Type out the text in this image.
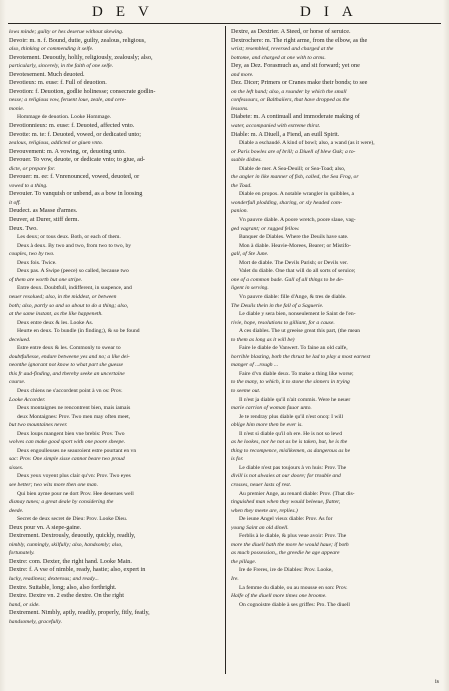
DEV	DIA
lows minde; guilty or hes deserue without skewing.
Devoir: m. n. f. Bound, dutie, guilty, zealous, religious,
also, thinking or commending it selfe.
Devotement. Deuoutly, holily, religiously, zealously; also,
particularly, sincerely, in the faith of one selfe.
Devotesement. Much deuoted.
Devotieux: m. euse: f. Full of deuotion.
Devotion: f. Deuotion, godlie holinesse; consecrate godlin-
nesse; a religious vow, feruent loue, zeale, and cere-
monie.
Hommage de deuotion. Looke Hommage.
Devotionnieux: m. euse: f. Deuoted, affected vnto.
Devotte: m. te: f. Deuoted, vowed, or dedicated unto;
zealous, religious, addicted or giuen vnto.
Devouvement: m. A vowing, or, deuoting unto.
Devouer. To vow, deuote, or dedicate vnto; to giue, ad-
dicte, or prepare for.
Devouer: m. ee: f. Vnrenounced, vowed, deuoted, or
vowed to a thing.
Devouier. To vanquish or unbend, as a bow in loosing
it off.
Deudect. as Masse d'armes.
Deuver, at Durer, stiff derm.
Deux. Two.
Les deux; or tous deux. Both, or each of them.
Deux à deux. By two and two, from two to two, by
couples, two by two.
Deux fois. Twice.
Deux pas. A Swipe (peece) so called, because two
of them are worth but one stripe.
Entre deux. Doubtfull, indifferent, in suspence, and
neuer resolued; also, in the middest, or between
both; also, partly so and so about to do a thing; also,
at the same instant, as the like happeneth.
Deux entre deux & les. Looke As.
Heurte en deux. To bundle (in finding;), & so be found
deceiued.
Estre entre deux & les. Commonly to swear to
doubtfullesse, endure betweene yes and no; a like dei-
neonthe ignorant not know to what part she guesse
this fr aud-finding, and thereby seeke an uncertaine
course.
Deux chiens ne s'accordent point à vn os: Prov.
Looke Accorder.
Deux montaignes ne rencontrent bien, mais iamais
deux Montaignes: Prov. Two men may often meet,
but two mountaines never.
Deux loups mangent bien vne brebis: Prov. Two
wolves can make good sport with one poore sheepe.
Deux engoulleuses ne seauroient estre pourtant en vn
sac: Prov. One simple sisse cannot beare two proud
sisses.
Deux yeux voyent plus clair qu'vn: Prov. Two eyes
see better; two wits more then one man.
Qui bien ayme pour ne dort Prov. Hee deserues well
dismay tunes; a great deale by considering the
deede.
Secret de deux secret de Dieu: Prov. Looke Dieu.
Deux pour vn. A siepe-gaine.
Dextrement. Dextrously, deuoutly, quickly, readily,
nimbly, cunningly, skilfully; also, handsomly; also,
fortunately.
Dextre: com. Dexter, the right hand. Looke Main.
Dextre: f. A vse of nimble, ready, hastie; also, expert in
lucky, readiness; dexterous; and ready...
Dextre. Suitable, long; also, also forthright.
Dextre. Dextre vn. 2 esthe dextre. On the right
hand, or side.
Dextrement. Nimbly, aptly, readily, properly, fitly, featly,
handsomely, gracefully.
Dextre, as Dextrier. A Steed, or horse of seruice.
Dextrochere: m. The right arme, from the elbow, as the
wrist; resembled, reversed and charged at the
bottome, and charged at one with to arms.
Dey, as Dez. Forasmuch as, and sit forward; yet one
and more.
Dez. Dicer; Primers or Cranes make their bonds; to see
on the left hand; also, a rounder by which the small
confessours, or Balthaiiers, that have dropped as the
lessons.
Diabete: m. A continuall and immoderate making of
water, accompanied with extreme thirst.
Diable: m. A Diuell, a Fiend, an euill Spirit.
Diable a eschaudé. A kind of bowl; also, a wand (as it were),
or Paris bowles are of brill; a Diuell of blew Oak; a to-
ssable dishes.
Diable de mer. A Sea-Deuill; or Sea-Toad; also,
the angler in like manner of fish, called, the Sea Frog, or
the Toad.
Diable en propos. A notable wrangler in quibbles, a
wonderfull plodding, sharing, or sly headed com-
panion.
Vn pauvre diable. A poore wretch, poore slaue, vag-
ged vagrant; or ragged fellow.
Banquer de Diables. Where the Deuils have sate.
Mon à diable. Heavie-Morees, Bearer; or Mistifo-
gall, of Ste June.
Mort de diable. The Devils Parish; or Devils ver.
Valet du diable. One that will do all sorts of seruice;
one of a common bade. Gall of all things to be de-
ligent in serving.
Vn pauvre diable: fille d'Ange, & tres de diable.
The Deuils thein in the fall of a Saguerie.
Le diable y sera bien, nonseulement le Saint de l'en-
rivie, hope, resolutions to gilliant, for a cause.
A ces diables. The ut greeise great this part, (the mean
to them as long as it will be)
Faire le diable de Vanwert. To faine an old calfe,
horrible blasting, both the thrust he lad to play a most earnest
manger of ...rough ...
Faire d'vn diable deux. To make a thing like worse;
to the many, to which, it to stone the sinners in trying
to seeme out.
Il n'est ja diable qu'il n'ait commis. Were he neuer
marie carrion of woman fauor unto.
Je te rendray plus diable qu'il n'est oncq: I will
oblige him more then he ever is.
Il n'est si diable qu'il oh ere. He is not so lewd
as he lookes, nor he not as he is taken, but, he is the
thing to recompence, mislikemen, as dangerous as he
is for.
Le diable n'est pas toujours à vn huis: Prov. The
divill is not alwaies at our doore; for trouble and
crosses, neuer lasts of rest.
Au premier Ange, au renard diable: Prov. (That dis-
tinguished man when they would beleeue, flatter,
when they meete are, replies.)
De ieune Angel vieux diable: Prov. As for
young Saint an old dinell.
Ferblis à le diable, & plus veue avoir: Prov. The
more the diuell hath the more he would haue; if both
as much possession,, the greedie he age appeare
the pillage.
Ire de Freres, ire de Diables: Prov. Looke,
Ire.
La femme du diable, ou au mousse en son: Prov.
Halfe of the diuell more times one broome.
On cognoistre diable à ses griffes: Pro. The diuell
is
